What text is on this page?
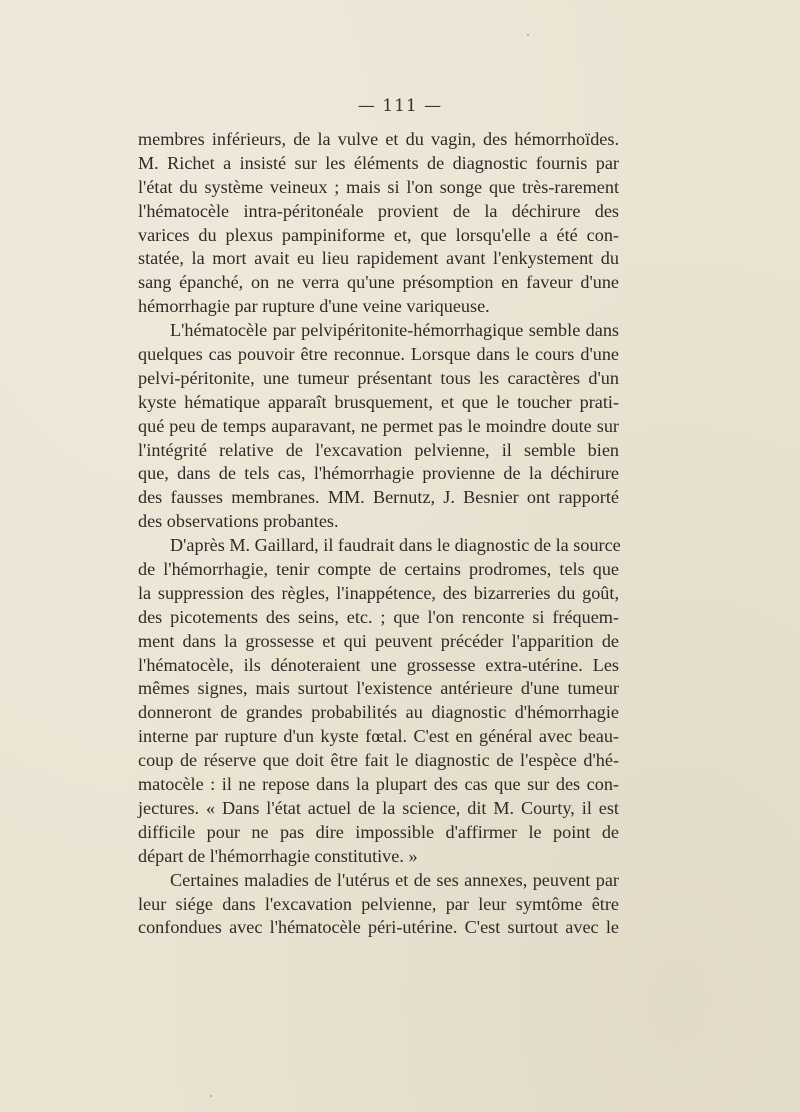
— 111 —
membres inférieurs, de la vulve et du vagin, des hémorrhoïdes.
M. Richet a insisté sur les éléments de diagnostic fournis par
l'état du système veineux ; mais si l'on songe que très-rarement
l'hématocèle intra-péritonéale provient de la déchirure des
varices du plexus pampiniforme et, que lorsqu'elle a été con-
statée, la mort avait eu lieu rapidement avant l'enkystement du
sang épanché, on ne verra qu'une présomption en faveur d'une
hémorrhagie par rupture d'une veine variqueuse.
L'hématocèle par pelvipéritonite-hémorrhagique semble dans
quelques cas pouvoir être reconnue. Lorsque dans le cours d'une
pelvi-péritonite, une tumeur présentant tous les caractères d'un
kyste hématique apparaît brusquement, et que le toucher prati-
qué peu de temps auparavant, ne permet pas le moindre doute sur
l'intégrité relative de l'excavation pelvienne, il semble bien
que, dans de tels cas, l'hémorrhagie provienne de la déchirure
des fausses membranes. MM. Bernutz, J. Besnier ont rapporté
des observations probantes.
D'après M. Gaillard, il faudrait dans le diagnostic de la source
de l'hémorrhagie, tenir compte de certains prodromes, tels que
la suppression des règles, l'inappétence, des bizarreries du goût,
des picotements des seins, etc. ; que l'on renconte si fréquem-
ment dans la grossesse et qui peuvent précéder l'apparition de
l'hématocèle, ils dénoteraient une grossesse extra-utérine. Les
mêmes signes, mais surtout l'existence antérieure d'une tumeur
donneront de grandes probabilités au diagnostic d'hémorrhagie
interne par rupture d'un kyste fœtal. C'est en général avec beau-
coup de réserve que doit être fait le diagnostic de l'espèce d'hé-
matocèle : il ne repose dans la plupart des cas que sur des con-
jectures. « Dans l'état actuel de la science, dit M. Courty, il est
difficile pour ne pas dire impossible d'affirmer le point de
départ de l'hémorrhagie constitutive. »
Certaines maladies de l'utérus et de ses annexes, peuvent par
leur siége dans l'excavation pelvienne, par leur symtôme être
confondues avec l'hématocèle péri-utérine. C'est surtout avec le
